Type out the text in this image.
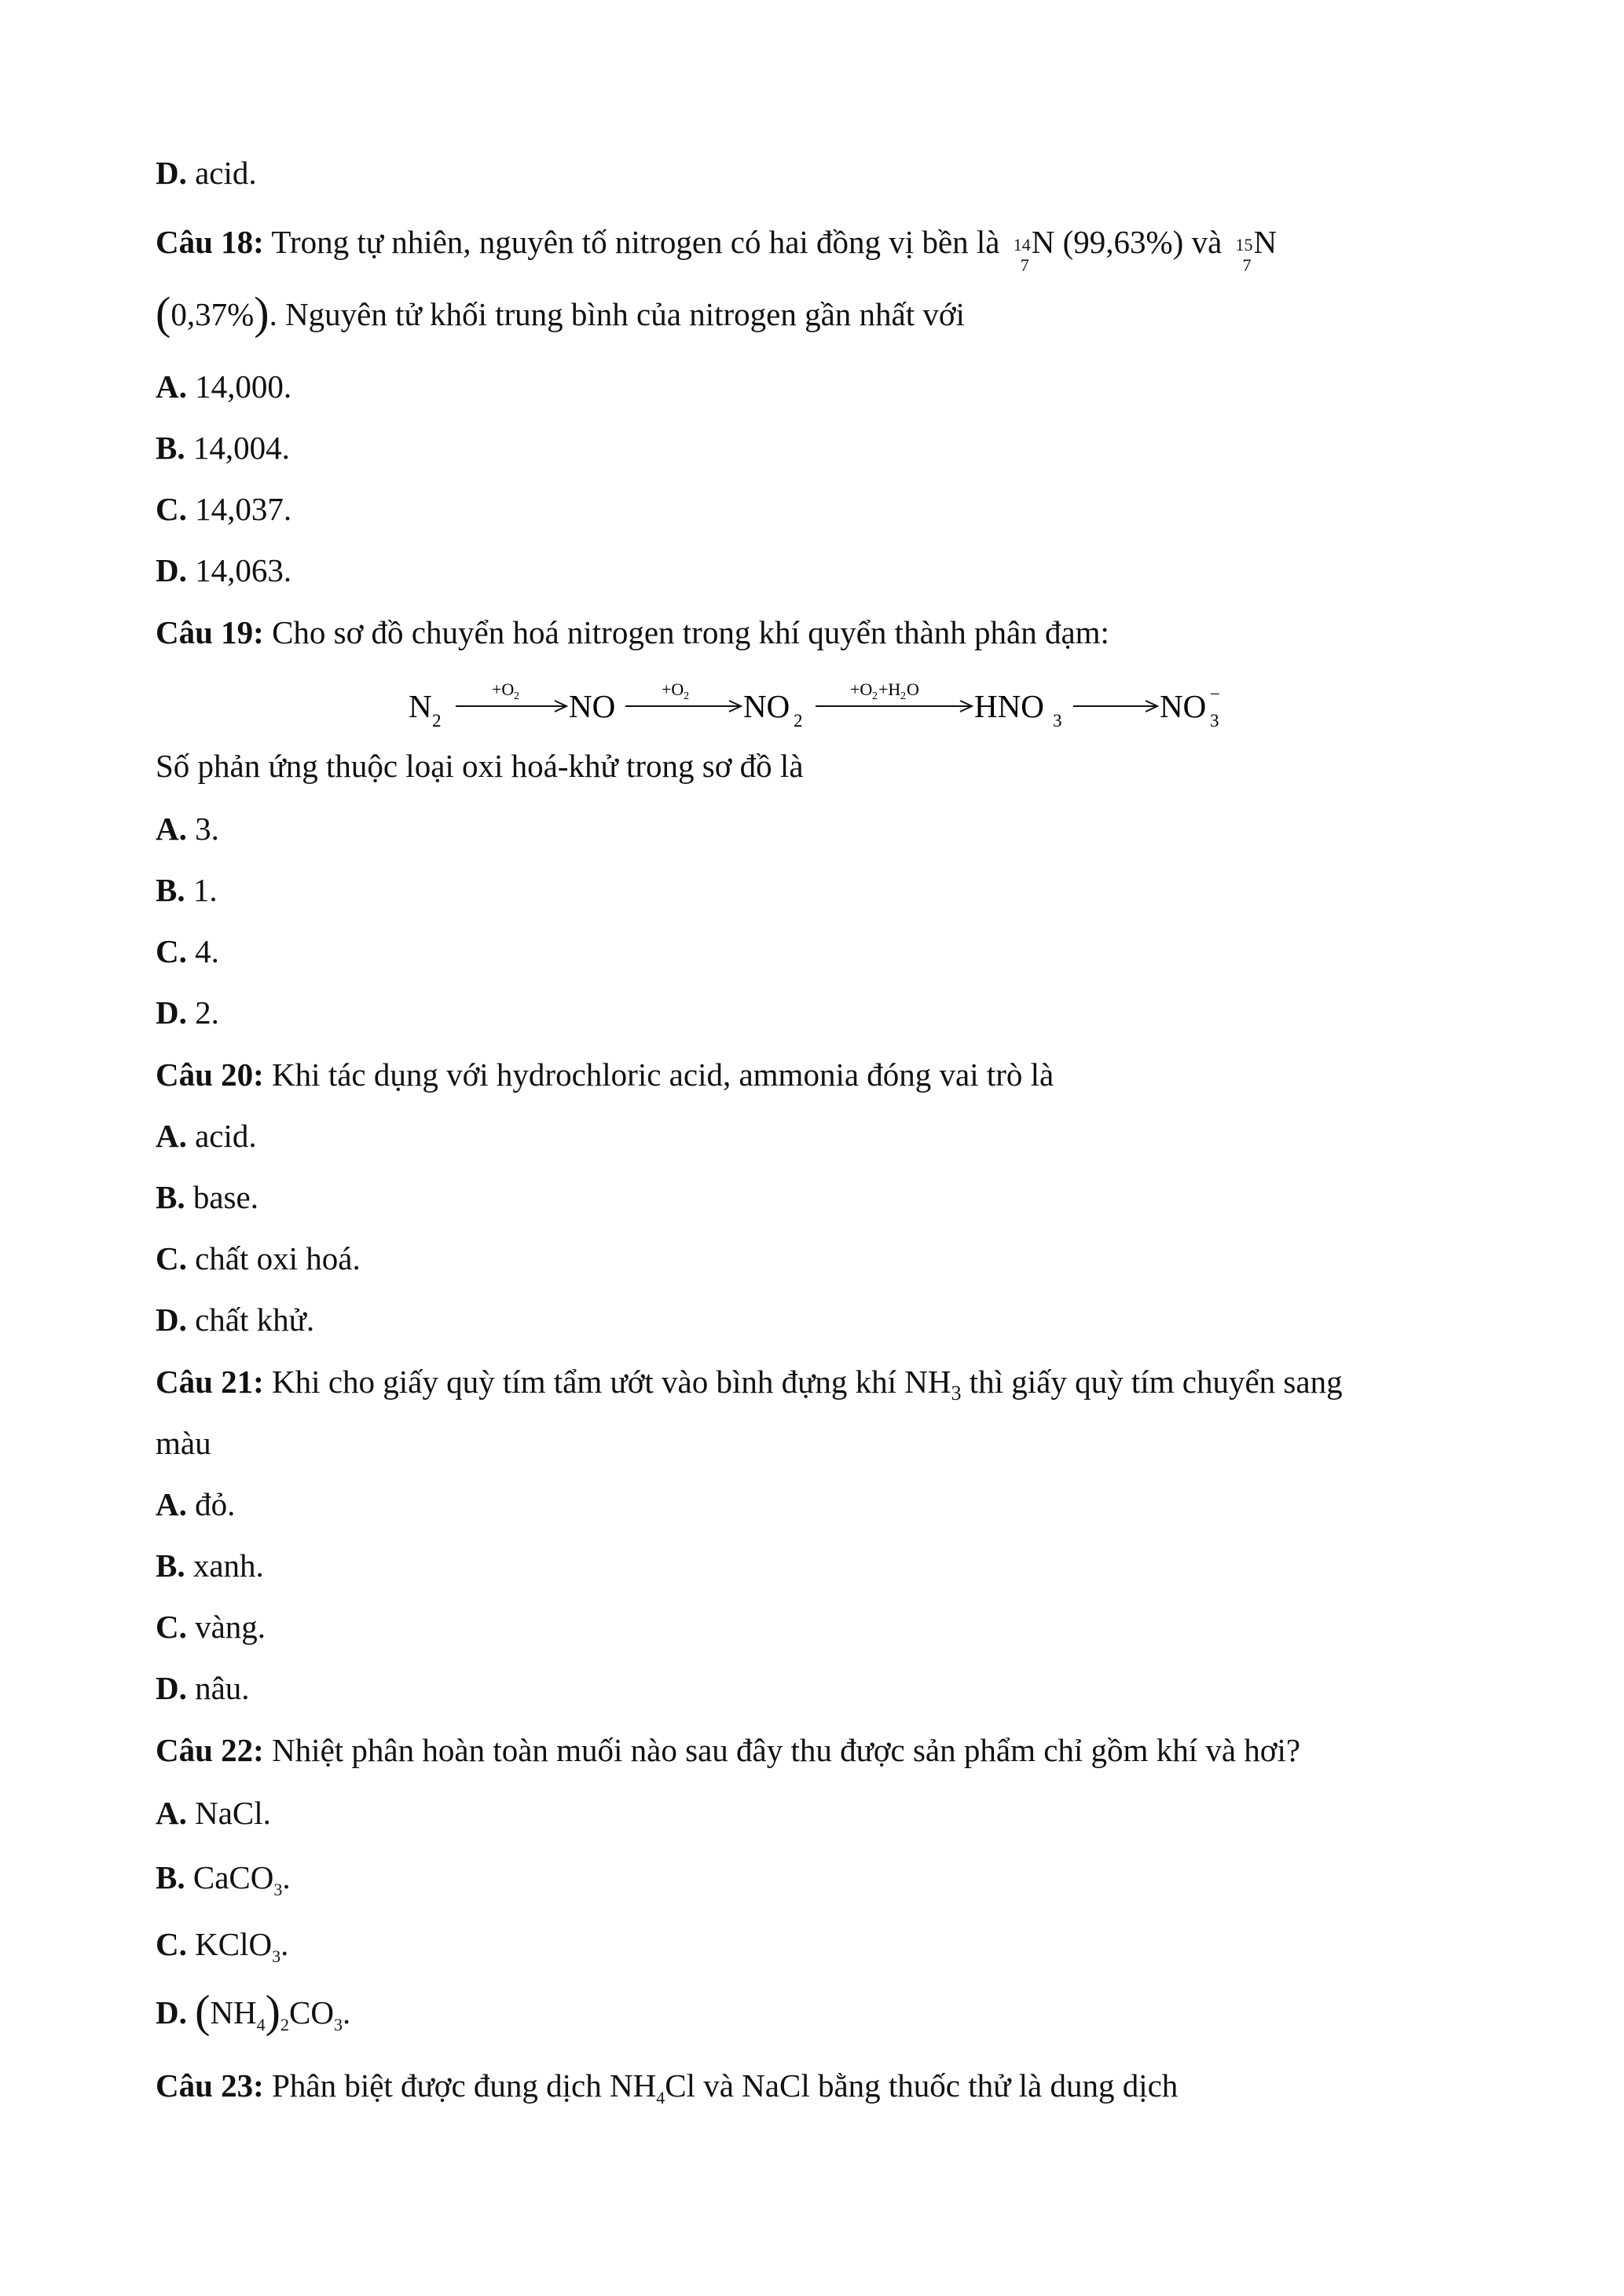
D. acid.
Câu 18: Trong tự nhiên, nguyên tố nitrogen có hai đồng vị bền là 14
7
N (99,63%) và 15
7
N
(0,37%). Nguyên tử khối trung bình của nitrogen gần nhất với
A. 14,000.
B. 14,004.
C. 14,037.
D. 14,063.
Câu 19: Cho sơ đồ chuyển hoá nitrogen trong khí quyển thành phân đạm:
N 2
+O 2 NO	+O 2 NO 2
+O 2 +H 2 O HNO 3	NO 3
−
Số phản ứng thuộc loại oxi hoá-khử trong sơ đồ là
A. 3.
B. 1.
C. 4.
D. 2.
Câu 20: Khi tác dụng với hydrochloric acid, ammonia đóng vai trò là
A. acid.
B. base.
C. chất oxi hoá.
D. chất khử.
Câu 21: Khi cho giấy quỳ tím tẩm ướt vào bình đựng khí $NH_3$ thì giấy quỳ tím chuyển sang
màu
A. đỏ.
B. xanh.
C. vàng.
D. nâu.
Câu 22: Nhiệt phân hoàn toàn muối nào sau đây thu được sản phẩm chỉ gồm khí và hơi?
A. NaCl.
B. CaCO$_3$.
C. KClO$_3$.
D. $(NH_4)_2CO_3$.
Câu 23: Phân biệt được đung dịch $NH_4Cl$ và NaCl bằng thuốc thử là dung dịch
